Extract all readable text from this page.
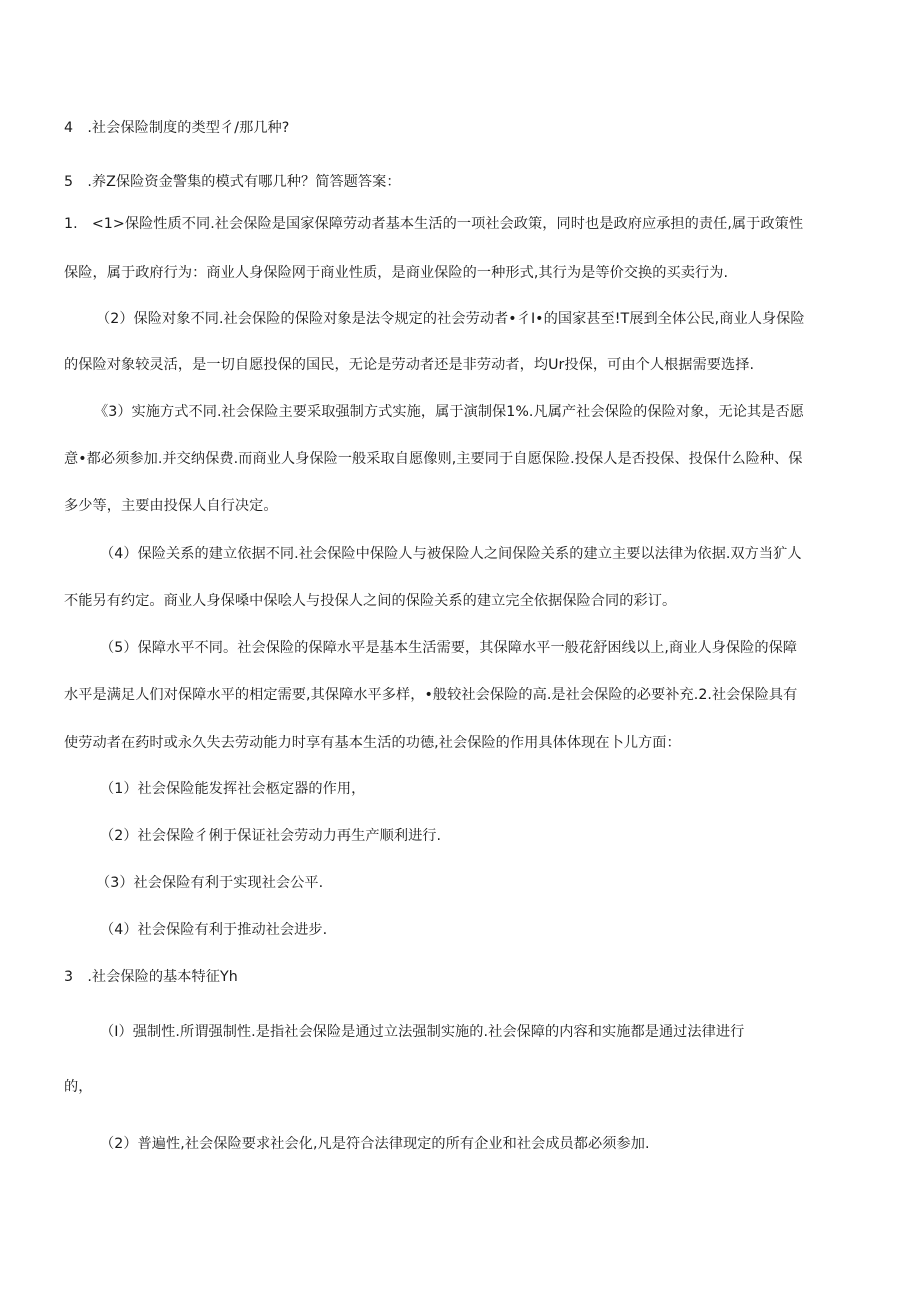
4　.社会保险制度的类型彳/那几种?

5　.养Z保险资金警集的模式有哪几种？简答题答案：

1.　<1>保险性质不同.社会保险是国家保障劳动者基本生活的一项社会政策，同时也是政府应承担的责任,属于政策性

保险，属于政府行为：商业人身保险网于商业性质，是商业保险的一种形式,其行为是等价交换的买卖行为.

（2）保险对象不同.社会保险的保险对象是法令规定的社会劳动者•彳I•的国家甚至!T展到全体公民,商业人身保险

的保险对象较灵活，是一切自愿投保的国民，无论是劳动者还是非劳动者，均Ur投保，可由个人根据需要选择.

《3）实施方式不同.社会保险主要采取强制方式实施，属于演制保1%.凡属产社会保险的保险对象，无论其是否愿

意•都必须参加.并交纳保费.而商业人身保险一般采取自愿像则,主要同于自愿保险.投保人是否投保、投保什么险种、保

多少等，主要由投保人自行决定。

（4）保险关系的建立依据不同.社会保险中保险人与被保险人之间保险关系的建立主要以法律为依据.双方当犷人

不能另有约定。商业人身保嗓中保哙人与投保人之间的保险关系的建立完全依据保险合同的彩订。

（5）保障水平不同。社会保险的保障水平是基本生活需要，其保障水平一般花舒困线以上,商业人身保险的保障

水平是满足人们对保障水平的相定需要,其保障水平多样，•般较社会保险的高.是社会保险的必要补充.2.社会保险具有

使劳动者在药时或永久失去劳动能力时享有基本生活的功德,社会保险的作用具体体现在卜儿方面：

（1）社会保险能发挥社会柩定器的作用，

（2）社会保险彳俐于保证社会劳动力再生产顺利进行.

（3）社会保险有利于实现社会公平.

（4）社会保险有利于推动社会进步.

3　.社会保险的基本特征Yh

（I）强制性.所谓强制性.是指社会保险是通过立法强制实施的.社会保障的内容和实施都是通过法律进行

的，

（2）普遍性,社会保险要求社会化,凡是符合法律现定的所有企业和社会成员都必须参加.
